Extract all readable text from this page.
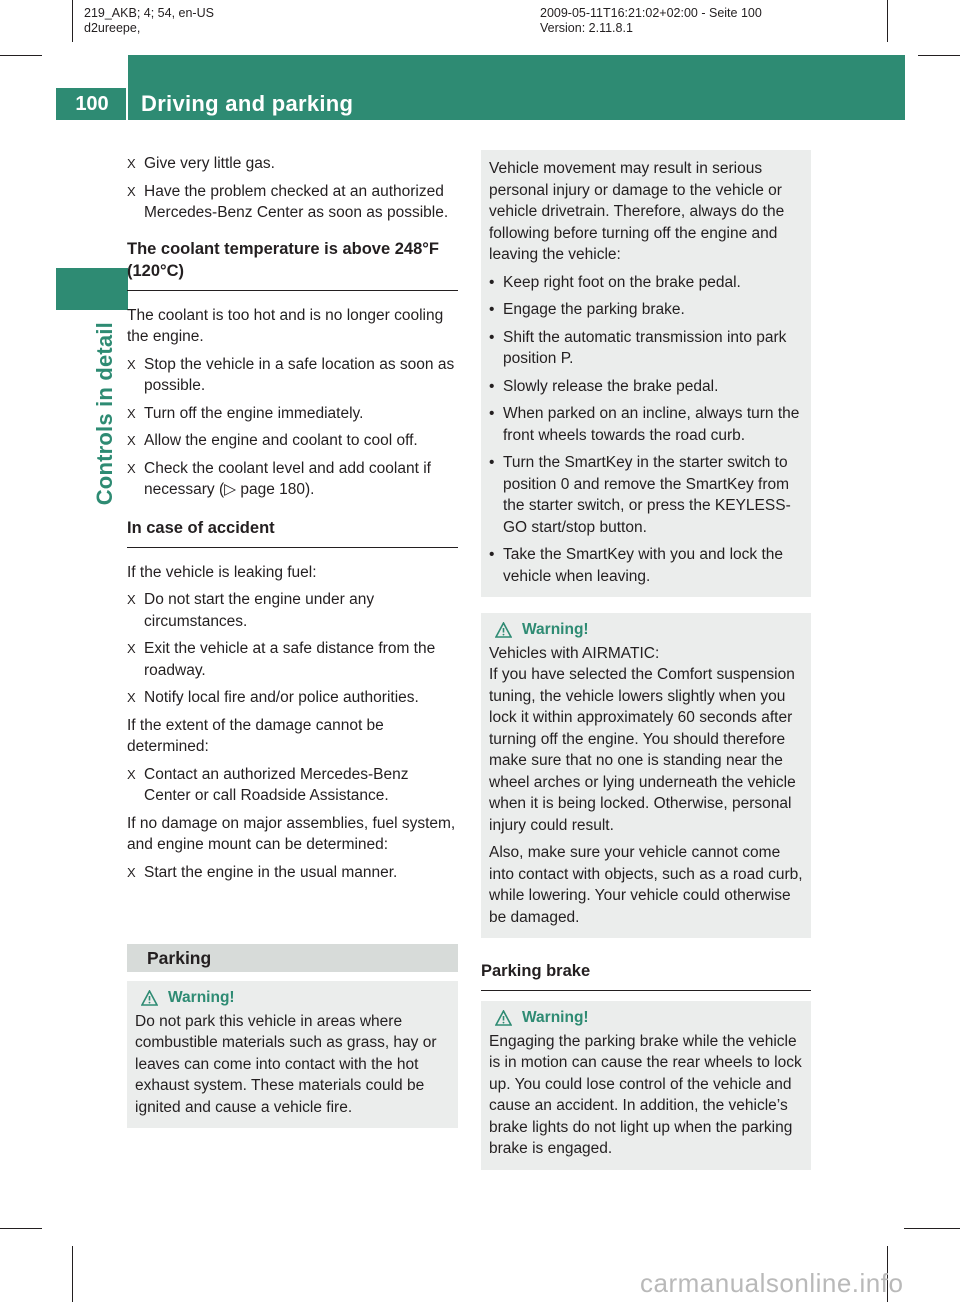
219_AKB; 4; 54, en-US
d2ureepe,
2009-05-11T16:21:02+02:00 - Seite 100
Version: 2.11.8.1
100	Driving and parking
Controls in detail
X Give very little gas.
X Have the problem checked at an authorized Mercedes-Benz Center as soon as possible.
The coolant temperature is above 248°F (120°C)
The coolant is too hot and is no longer cooling the engine.
X Stop the vehicle in a safe location as soon as possible.
X Turn off the engine immediately.
X Allow the engine and coolant to cool off.
X Check the coolant level and add coolant if necessary (▷ page 180).
In case of accident
If the vehicle is leaking fuel:
X Do not start the engine under any circumstances.
X Exit the vehicle at a safe distance from the roadway.
X Notify local fire and/or police authorities.
If the extent of the damage cannot be determined:
X Contact an authorized Mercedes-Benz Center or call Roadside Assistance.
If no damage on major assemblies, fuel system, and engine mount can be determined:
X Start the engine in the usual manner.
Parking
Warning!
Do not park this vehicle in areas where combustible materials such as grass, hay or leaves can come into contact with the hot exhaust system. These materials could be ignited and cause a vehicle fire.
Vehicle movement may result in serious personal injury or damage to the vehicle or vehicle drivetrain. Therefore, always do the following before turning off the engine and leaving the vehicle:
• Keep right foot on the brake pedal.
• Engage the parking brake.
• Shift the automatic transmission into park position P.
• Slowly release the brake pedal.
• When parked on an incline, always turn the front wheels towards the road curb.
• Turn the SmartKey in the starter switch to position 0 and remove the SmartKey from the starter switch, or press the KEYLESS-GO start/stop button.
• Take the SmartKey with you and lock the vehicle when leaving.
Warning!
Vehicles with AIRMATIC:
If you have selected the Comfort suspension tuning, the vehicle lowers slightly when you lock it within approximately 60 seconds after turning off the engine. You should therefore make sure that no one is standing near the wheel arches or lying underneath the vehicle when it is being locked. Otherwise, personal injury could result.
Also, make sure your vehicle cannot come into contact with objects, such as a road curb, while lowering. Your vehicle could otherwise be damaged.
Parking brake
Warning!
Engaging the parking brake while the vehicle is in motion can cause the rear wheels to lock up. You could lose control of the vehicle and cause an accident. In addition, the vehicle’s brake lights do not light up when the parking brake is engaged.
carmanualsonline.info
